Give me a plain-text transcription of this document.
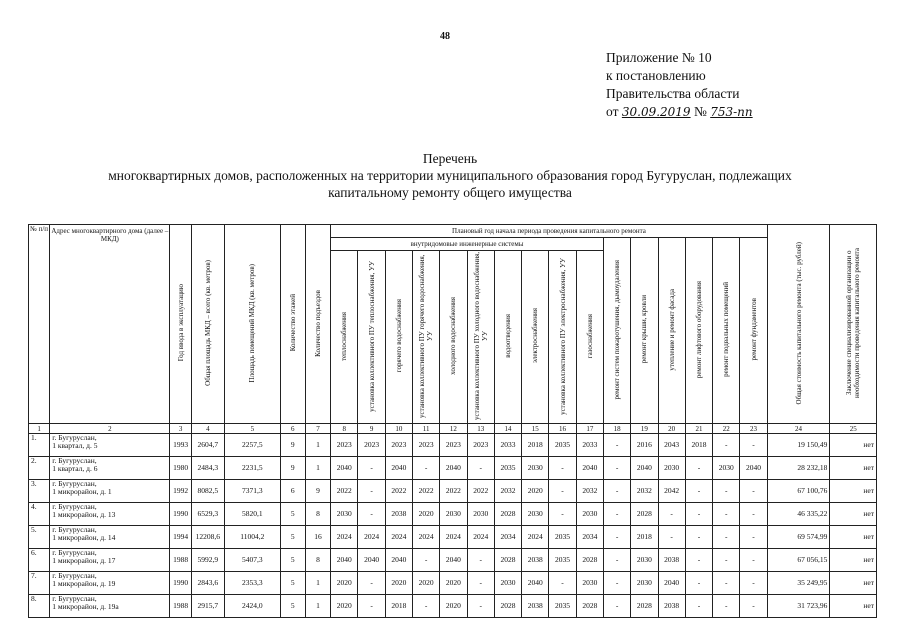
48
Приложение № 10
к постановлению
Правительства области
от 30.09.2019 № 753-пп
Перечень
многоквартирных домов, расположенных на территории муниципального образования город Бугуруслан, подлежащих
капитальному ремонту общего имущества
№ п/п	Адрес многоквартирного дома (далее – МКД)	Год ввода в эксплуатацию	Общая площадь МКД – всего (кв. метров)	Площадь помещений МКД (кв. метров)	Количество этажей	Количество подъездов	Плановый год начала периода проведения капитального ремонта																Общая стоимость капитального ремонта (тыс. рублей)	Заключение специализированной организации о необходимости проведения капитального ремонта
							внутридомовые инженерные системы										ремонт систем пожаротушения, дымоудаления	ремонт крыши, кровли	утепление и ремонт фасада	ремонт лифтового оборудования	ремонт подвальных помещений	ремонт фундаментов		
							теплоснабжения	установка коллективного ПУ теплоснабжения, УУ	горячего водоснабжения	установка коллективного ПУ горячего водоснабжения, УУ	холодного водоснабжения	установка коллективного ПУ холодного водоснабжения, УУ	водоотведения	электроснабжения	установка коллективного ПУ электроснабжения, УУ	газоснабжения								
1	2	3	4	5	6	7	8	9	10	11	12	13	14	15	16	17	18	19	20	21	22	23	24	25
1.	г. Бугуруслан,
1 квартал, д. 5	1993	2604,7	2257,5	9	1	2023	2023	2023	2023	2023	2023	2033	2018	2035	2033	-	2016	2043	2018	-	-	19 150,49	нет
2.	г. Бугуруслан,
1 квартал, д. 6	1980	2484,3	2231,5	9	1	2040	-	2040	-	2040	-	2035	2030	-	2040	-	2040	2030	-	2030	2040	28 232,18	нет
3.	г. Бугуруслан,
1 микрорайон, д. 1	1992	8082,5	7371,3	6	9	2022	-	2022	2022	2022	2022	2032	2020	-	2032	-	2032	2042	-	-	-	67 100,76	нет
4.	г. Бугуруслан,
1 микрорайон, д. 13	1990	6529,3	5820,1	5	8	2030	-	2038	2020	2030	2030	2028	2030	-	2030	-	2028	-	-	-	-	46 335,22	нет
5.	г. Бугуруслан,
1 микрорайон, д. 14	1994	12208,6	11004,2	5	16	2024	2024	2024	2024	2024	2024	2034	2024	2035	2034	-	2018	-	-	-	-	69 574,99	нет
6.	г. Бугуруслан,
1 микрорайон, д. 17	1988	5992,9	5407,3	5	8	2040	2040	2040	-	2040	-	2028	2038	2035	2028	-	2030	2038	-	-	-	67 056,15	нет
7.	г. Бугуруслан,
1 микрорайон, д. 19	1990	2843,6	2353,3	5	1	2020	-	2020	2020	2020	-	2030	2040	-	2030	-	2030	2040	-	-	-	35 249,95	нет
8.	г. Бугуруслан,
1 микрорайон, д. 19а	1988	2915,7	2424,0	5	1	2020	-	2018	-	2020	-	2028	2038	2035	2028	-	2028	2038	-	-	-	31 723,96	нет
